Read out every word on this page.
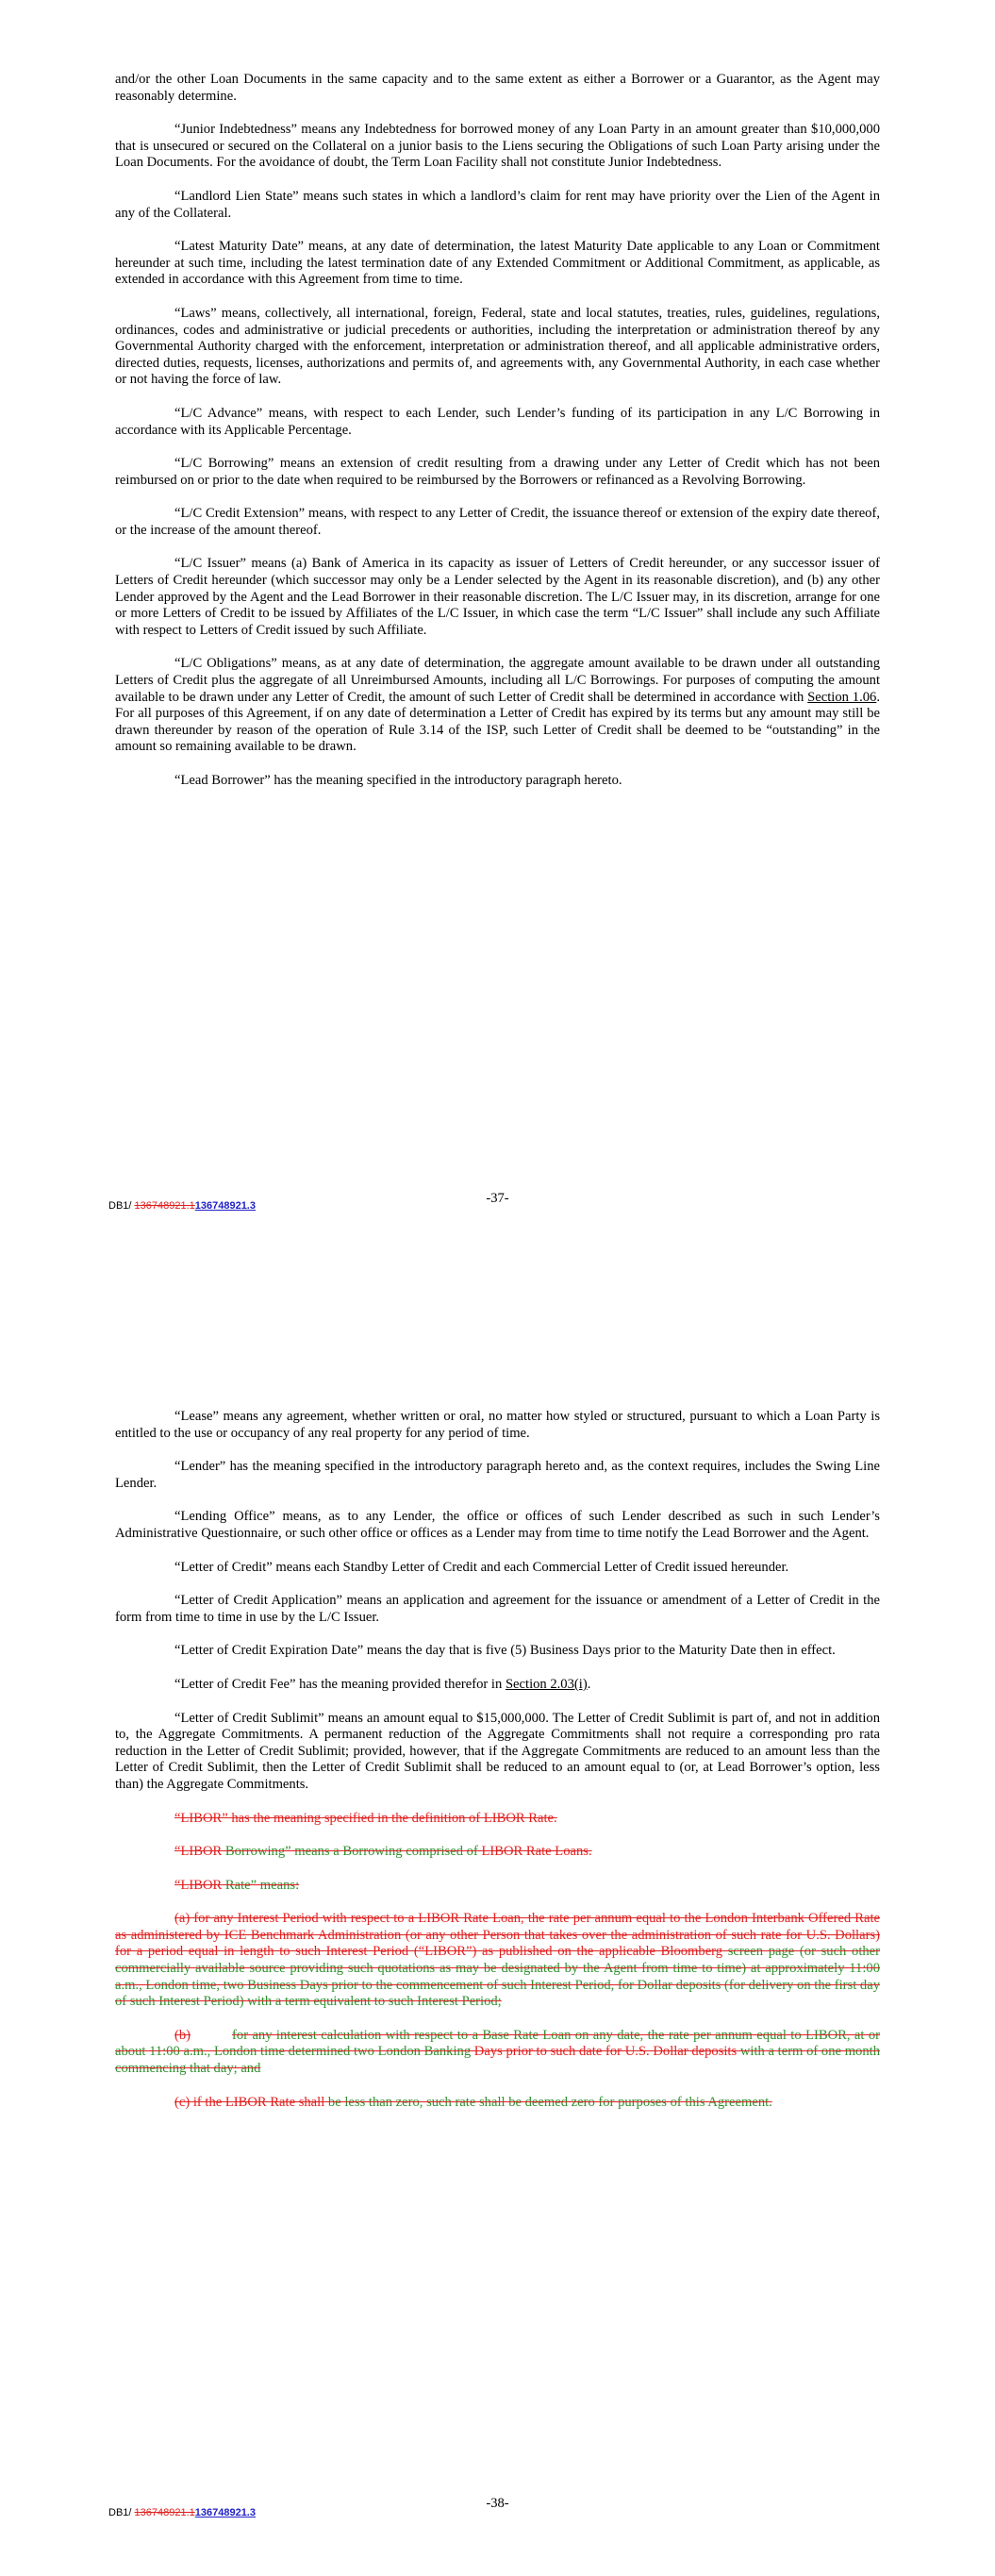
and/or the other Loan Documents in the same capacity and to the same extent as either a Borrower or a Guarantor, as the Agent may reasonably determine.

“Junior Indebtedness” means any Indebtedness for borrowed money of any Loan Party in an amount greater than $10,000,000 that is unsecured or secured on the Collateral on a junior basis to the Liens securing the Obligations of such Loan Party arising under the Loan Documents. For the avoidance of doubt, the Term Loan Facility shall not constitute Junior Indebtedness.

“Landlord Lien State” means such states in which a landlord’s claim for rent may have priority over the Lien of the Agent in any of the Collateral.

“Latest Maturity Date” means, at any date of determination, the latest Maturity Date applicable to any Loan or Commitment hereunder at such time, including the latest termination date of any Extended Commitment or Additional Commitment, as applicable, as extended in accordance with this Agreement from time to time.

“Laws” means, collectively, all international, foreign, Federal, state and local statutes, treaties, rules, guidelines, regulations, ordinances, codes and administrative or judicial precedents or authorities, including the interpretation or administration thereof by any Governmental Authority charged with the enforcement, interpretation or administration thereof, and all applicable administrative orders, directed duties, requests, licenses, authorizations and permits of, and agreements with, any Governmental Authority, in each case whether or not having the force of law.

“L/C Advance” means, with respect to each Lender, such Lender’s funding of its participation in any L/C Borrowing in accordance with its Applicable Percentage.

“L/C Borrowing” means an extension of credit resulting from a drawing under any Letter of Credit which has not been reimbursed on or prior to the date when required to be reimbursed by the Borrowers or refinanced as a Revolving Borrowing.

“L/C Credit Extension” means, with respect to any Letter of Credit, the issuance thereof or extension of the expiry date thereof, or the increase of the amount thereof.

“L/C Issuer” means (a) Bank of America in its capacity as issuer of Letters of Credit hereunder, or any successor issuer of Letters of Credit hereunder (which successor may only be a Lender selected by the Agent in its reasonable discretion), and (b) any other Lender approved by the Agent and the Lead Borrower in their reasonable discretion. The L/C Issuer may, in its discretion, arrange for one or more Letters of Credit to be issued by Affiliates of the L/C Issuer, in which case the term “L/C Issuer” shall include any such Affiliate with respect to Letters of Credit issued by such Affiliate.

“L/C Obligations” means, as at any date of determination, the aggregate amount available to be drawn under all outstanding Letters of Credit plus the aggregate of all Unreimbursed Amounts, including all L/C Borrowings. For purposes of computing the amount available to be drawn under any Letter of Credit, the amount of such Letter of Credit shall be determined in accordance with Section 1.06. For all purposes of this Agreement, if on any date of determination a Letter of Credit has expired by its terms but any amount may still be drawn thereunder by reason of the operation of Rule 3.14 of the ISP, such Letter of Credit shall be deemed to be “outstanding” in the amount so remaining available to be drawn.

“Lead Borrower” has the meaning specified in the introductory paragraph hereto.

-37-
DB1/ 136748921.1136748921.3

“Lease” means any agreement, whether written or oral, no matter how styled or structured, pursuant to which a Loan Party is entitled to the use or occupancy of any real property for any period of time.

“Lender” has the meaning specified in the introductory paragraph hereto and, as the context requires, includes the Swing Line Lender.

“Lending Office” means, as to any Lender, the office or offices of such Lender described as such in such Lender’s Administrative Questionnaire, or such other office or offices as a Lender may from time to time notify the Lead Borrower and the Agent.

“Letter of Credit” means each Standby Letter of Credit and each Commercial Letter of Credit issued hereunder.

“Letter of Credit Application” means an application and agreement for the issuance or amendment of a Letter of Credit in the form from time to time in use by the L/C Issuer.

“Letter of Credit Expiration Date” means the day that is five (5) Business Days prior to the Maturity Date then in effect.

“Letter of Credit Fee” has the meaning provided therefor in Section 2.03(i).

“Letter of Credit Sublimit” means an amount equal to $15,000,000. The Letter of Credit Sublimit is part of, and not in addition to, the Aggregate Commitments. A permanent reduction of the Aggregate Commitments shall not require a corresponding pro rata reduction in the Letter of Credit Sublimit; provided, however, that if the Aggregate Commitments are reduced to an amount less than the Letter of Credit Sublimit, then the Letter of Credit Sublimit shall be reduced to an amount equal to (or, at Lead Borrower’s option, less than) the Aggregate Commitments.

“LIBOR” has the meaning specified in the definition of LIBOR Rate.

“LIBOR Borrowing” means a Borrowing comprised of LIBOR Rate Loans.

“LIBOR Rate” means:

(a) for any Interest Period with respect to a LIBOR Rate Loan, the rate per annum equal to the London Interbank Offered Rate as administered by ICE Benchmark Administration (or any other Person that takes over the administration of such rate for U.S. Dollars) for a period equal in length to such Interest Period (“LIBOR”) as published on the applicable Bloomberg screen page (or such other commercially available source providing such quotations as may be designated by the Agent from time to time) at approximately 11:00 a.m., London time, two Business Days prior to the commencement of such Interest Period, for Dollar deposits (for delivery on the first day of such Interest Period) with a term equivalent to such Interest Period;

(b)	for any interest calculation with respect to a Base Rate Loan on any date, the rate per annum equal to LIBOR, at or about 11:00 a.m., London time determined two London Banking Days prior to such date for U.S. Dollar deposits with a term of one month commencing that day; and

(c) if the LIBOR Rate shall be less than zero, such rate shall be deemed zero for purposes of this Agreement.

-38-
DB1/ 136748921.1136748921.3
